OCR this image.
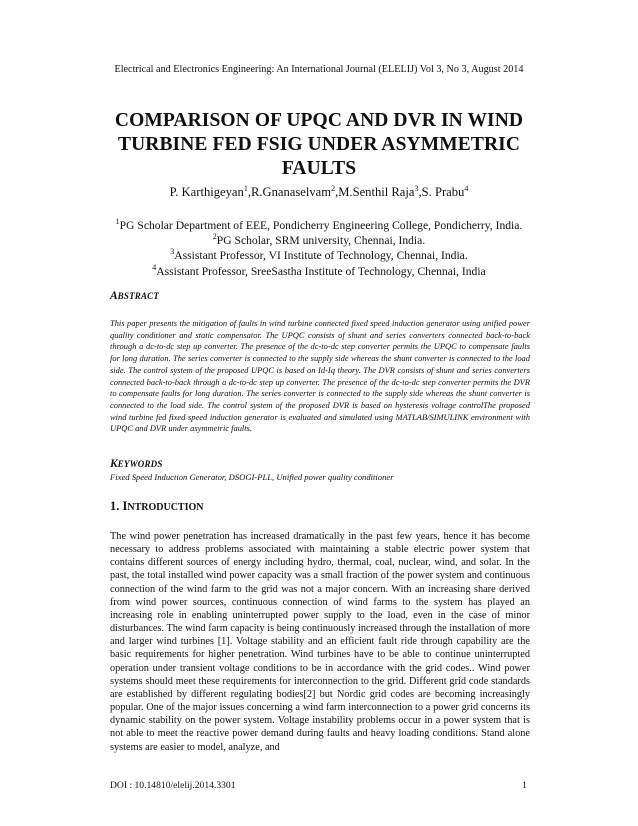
Electrical and Electronics Engineering: An International Journal (ELELIJ) Vol 3, No 3, August 2014
COMPARISON OF UPQC AND DVR IN WIND TURBINE FED FSIG UNDER ASYMMETRIC FAULTS
P. Karthigeyan$^1$,R.Gnanaselvam$^2$,M.Senthil Raja$^3$,S. Prabu$^4$
$^1$PG Scholar Department of EEE, Pondicherry Engineering College, Pondicherry, India.
$^2$PG Scholar, SRM university, Chennai, India.
$^3$Assistant Professor, VI Institute of Technology, Chennai, India.
$^4$Assistant Professor, SreeSastha Institute of Technology, Chennai, India
ABSTRACT
This paper presents the mitigation of faults in wind turbine connected fixed speed induction generator using unified power quality conditioner and static compensator. The UPQC consists of shunt and series converters connected back-to-back through a dc-to-dc step up converter. The presence of the dc-to-dc step converter permits the UPQC to compensate faults for long duration. The series converter is connected to the supply side whereas the shunt converter is connected to the load side. The control system of the proposed UPQC is based on Id-Iq theory. The DVR consists of shunt and series converters connected back-to-back through a dc-to-dc step up converter. The presence of the dc-to-dc step converter permits the DVR to compensate faults for long duration. The series converter is connected to the supply side whereas the shunt converter is connected to the load side. The control system of the proposed DVR is based on hysteresis voltage controlThe proposed wind turbine fed fixed speed induction generator is evaluated and simulated using MATLAB/SIMULINK environment with UPQC and DVR under asymmetric faults.
KEYWORDS
Fixed Speed Induction Generator, DSOGI-PLL, Unified power quality conditioner
1. INTRODUCTION
The wind power penetration has increased dramatically in the past few years, hence it has become necessary to address problems associated with maintaining a stable electric power system that contains different sources of energy including hydro, thermal, coal, nuclear, wind, and solar. In the past, the total installed wind power capacity was a small fraction of the power system and continuous connection of the wind farm to the grid was not a major concern. With an increasing share derived from wind power sources, continuous connection of wind farms to the system has played an increasing role in enabling uninterrupted power supply to the load, even in the case of minor disturbances. The wind farm capacity is being continuously increased through the installation of more and larger wind turbines [1]. Voltage stability and an efficient fault ride through capability are the basic requirements for higher penetration. Wind turbines have to be able to continue uninterrupted operation under transient voltage conditions to be in accordance with the grid codes.. Wind power systems should meet these requirements for interconnection to the grid. Different grid code standards are established by different regulating bodies[2] but Nordic grid codes are becoming increasingly popular. One of the major issues concerning a wind farm interconnection to a power grid concerns its dynamic stability on the power system. Voltage instability problems occur in a power system that is not able to meet the reactive power demand during faults and heavy loading conditions. Stand alone systems are easier to model, analyze, and
DOI : 10.14810/elelij.2014.3301	1
